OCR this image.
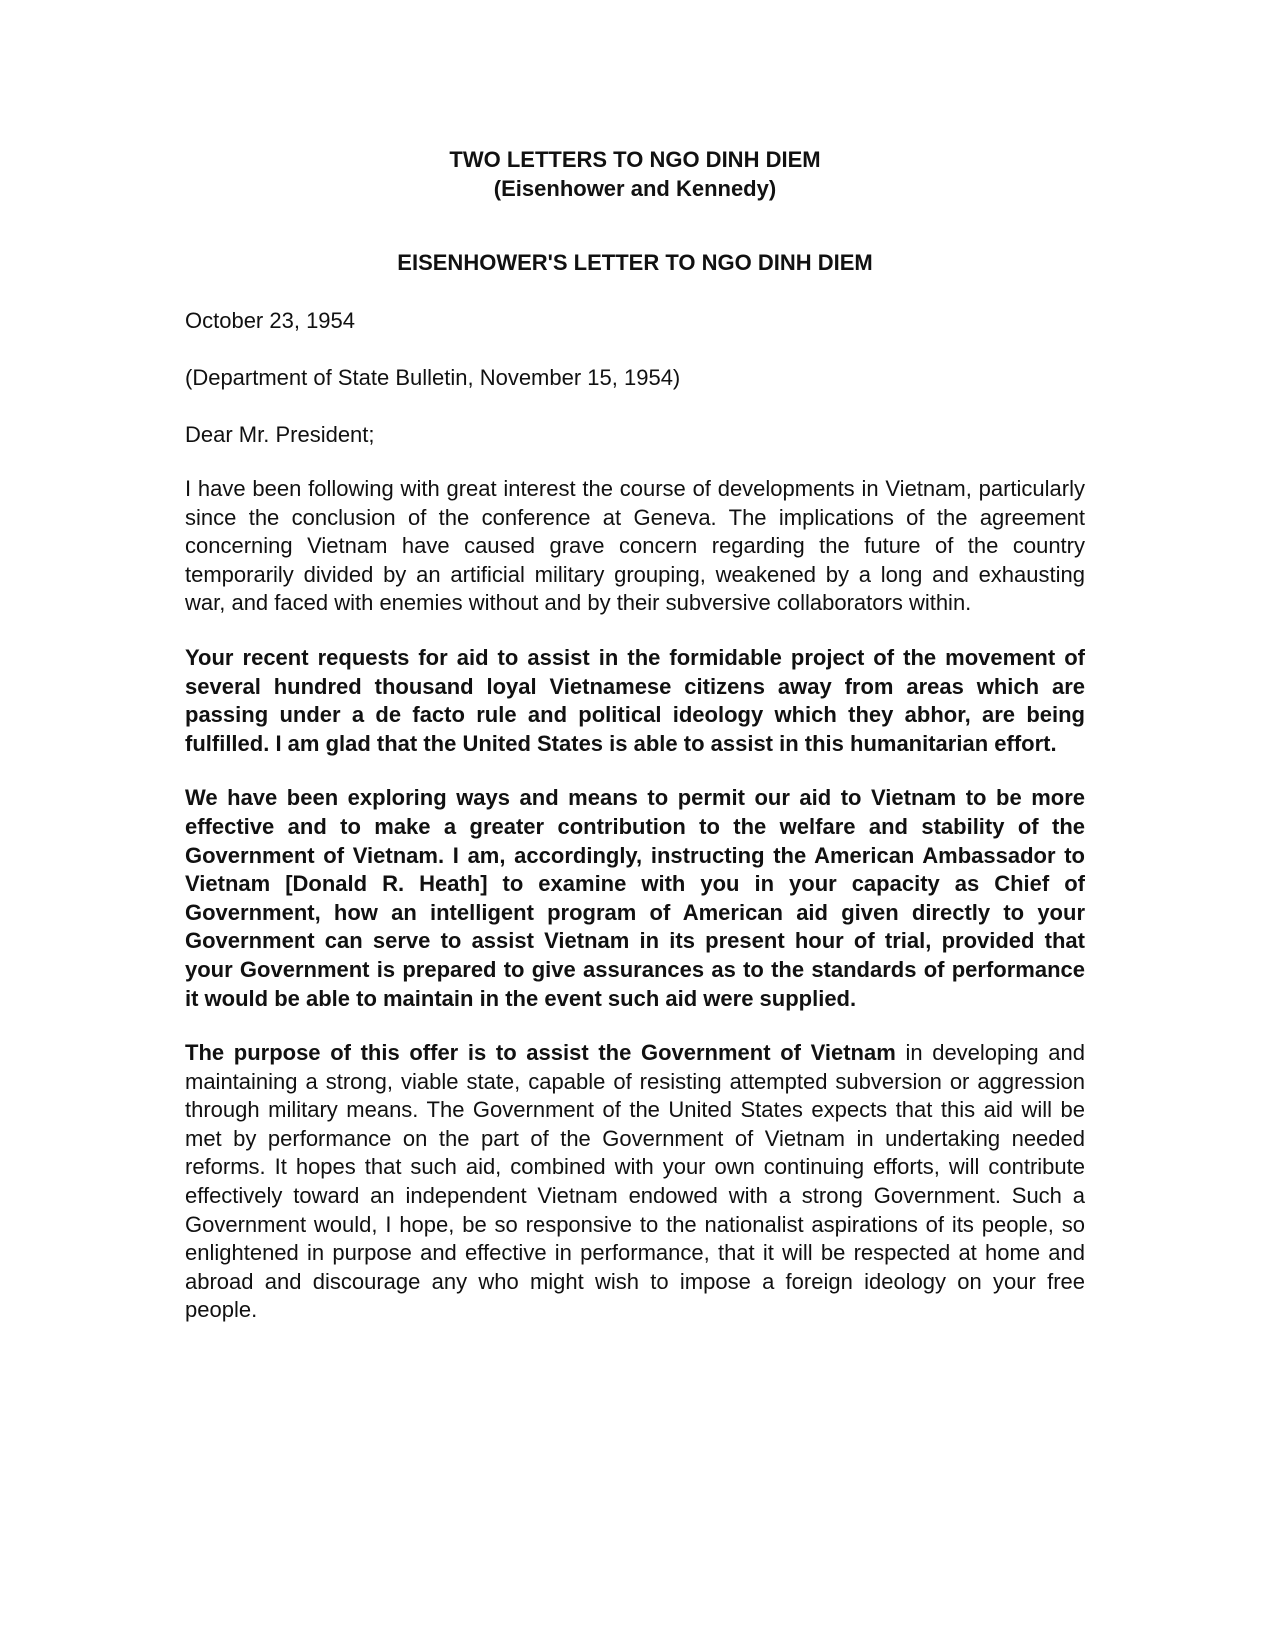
TWO LETTERS TO NGO DINH DIEM

(Eisenhower and Kennedy)

EISENHOWER'S LETTER TO NGO DINH DIEM

October 23, 1954

(Department of State Bulletin, November 15, 1954)

Dear Mr. President;

I have been following with great interest the course of developments in Vietnam, particularly since the conclusion of the conference at Geneva. The implications of the agreement concerning Vietnam have caused grave concern regarding the future of the country temporarily divided by an artificial military grouping, weakened by a long and exhausting war, and faced with enemies without and by their subversive collaborators within.

Your recent requests for aid to assist in the formidable project of the movement of several hundred thousand loyal Vietnamese citizens away from areas which are passing under a de facto rule and political ideology which they abhor, are being fulfilled. I am glad that the United States is able to assist in this humanitarian effort.

We have been exploring ways and means to permit our aid to Vietnam to be more effective and to make a greater contribution to the welfare and stability of the Government of Vietnam. I am, accordingly, instructing the American Ambassador to Vietnam [Donald R. Heath] to examine with you in your capacity as Chief of Government, how an intelligent program of American aid given directly to your Government can serve to assist Vietnam in its present hour of trial, provided that your Government is prepared to give assurances as to the standards of performance it would be able to maintain in the event such aid were supplied.

The purpose of this offer is to assist the Government of Vietnam in developing and maintaining a strong, viable state, capable of resisting attempted subversion or aggression through military means. The Government of the United States expects that this aid will be met by performance on the part of the Government of Vietnam in undertaking needed reforms. It hopes that such aid, combined with your own continuing efforts, will contribute effectively toward an independent Vietnam endowed with a strong Government. Such a Government would, I hope, be so responsive to the nationalist aspirations of its people, so enlightened in purpose and effective in performance, that it will be respected at home and abroad and discourage any who might wish to impose a foreign ideology on your free people.
